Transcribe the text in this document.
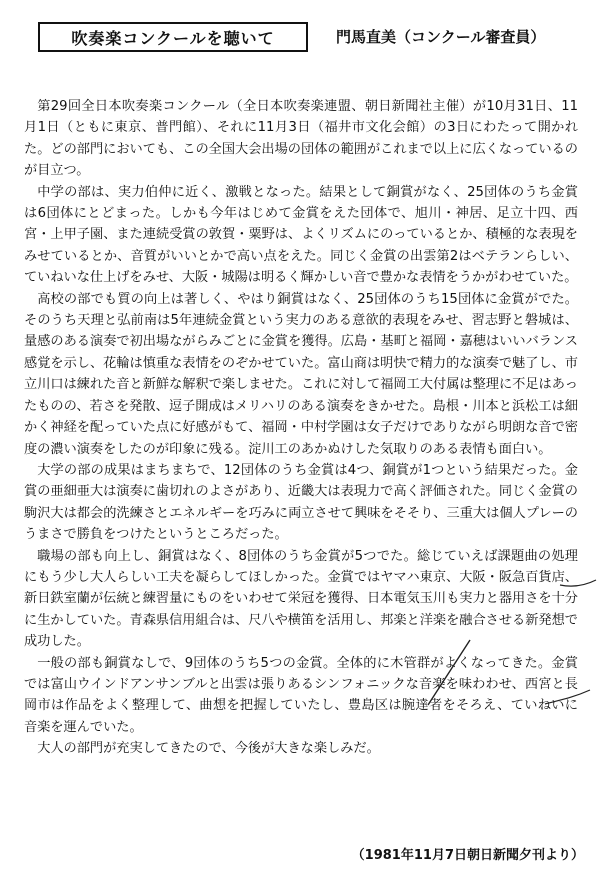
吹奏楽コンクールを聴いて	門馬直美（コンクール審査員）

第29回全日本吹奏楽コンクール（全日本吹奏楽連盟、朝日新聞社主催）が10月31日、11月1日（ともに東京、普門館）、それに11月3日（福井市文化会館）の3日にわたって開かれた。どの部門においても、この全国大会出場の団体の範囲がこれまで以上に広くなっているのが目立つ。

中学の部は、実力伯仲に近く、激戦となった。結果として銅賞がなく、25団体のうち金賞は6団体にとどまった。しかも今年はじめて金賞をえた団体で、旭川・神居、足立十四、西宮・上甲子園、また連続受賞の敦賀・粟野は、よくリズムにのっているとか、積極的な表現をみせているとか、音質がいいとかで高い点をえた。同じく金賞の出雲第2はベテランらしい、ていねいな仕上げをみせ、大阪・城陽は明るく輝かしい音で豊かな表情をうかがわせていた。

高校の部でも質の向上は著しく、やはり銅賞はなく、25団体のうち15団体に金賞がでた。そのうち天理と弘前南は5年連続金賞という実力のある意欲的表現をみせ、習志野と磐城は、量感のある演奏で初出場ながらみごとに金賞を獲得。広島・基町と福岡・嘉穂はいいバランス感覚を示し、花輪は慎重な表情をのぞかせていた。富山商は明快で精力的な演奏で魅了し、市立川口は練れた音と新鮮な解釈で楽しませた。これに対して福岡工大付属は整理に不足はあったものの、若さを発散、逗子開成はメリハリのある演奏をきかせた。島根・川本と浜松工は細かく神経を配っていた点に好感がもて、福岡・中村学園は女子だけでありながら明朗な音で密度の濃い演奏をしたのが印象に残る。淀川工のあかぬけした気取りのある表情も面白い。

大学の部の成果はまちまちで、12団体のうち金賞は4つ、銅賞が1つという結果だった。金賞の亜細亜大は演奏に歯切れのよさがあり、近畿大は表現力で高く評価された。同じく金賞の駒沢大は都会的洗練さとエネルギーを巧みに両立させて興味をそそり、三重大は個人プレーのうまさで勝負をつけたというところだった。

職場の部も向上し、銅賞はなく、8団体のうち金賞が5つでた。総じていえば課題曲の処理にもう少し大人らしい工夫を凝らしてほしかった。金賞ではヤマハ東京、大阪・阪急百貨店、新日鉄室蘭が伝統と練習量にものをいわせて栄冠を獲得、日本電気玉川も実力と器用さを十分に生かしていた。青森県信用組合は、尺八や横笛を活用し、邦楽と洋楽を融合させる新発想で成功した。

一般の部も銅賞なしで、9団体のうち5つの金賞。全体的に木管群がよくなってきた。金賞では富山ウインドアンサンブルと出雲は張りあるシンフォニックな音楽を味わわせ、西宮と長岡市は作品をよく整理して、曲想を把握していたし、豊島区は腕達者をそろえ、ていねいに音楽を運んでいた。

大人の部門が充実してきたので、今後が大きな楽しみだ。

（1981年11月7日朝日新聞夕刊より）
